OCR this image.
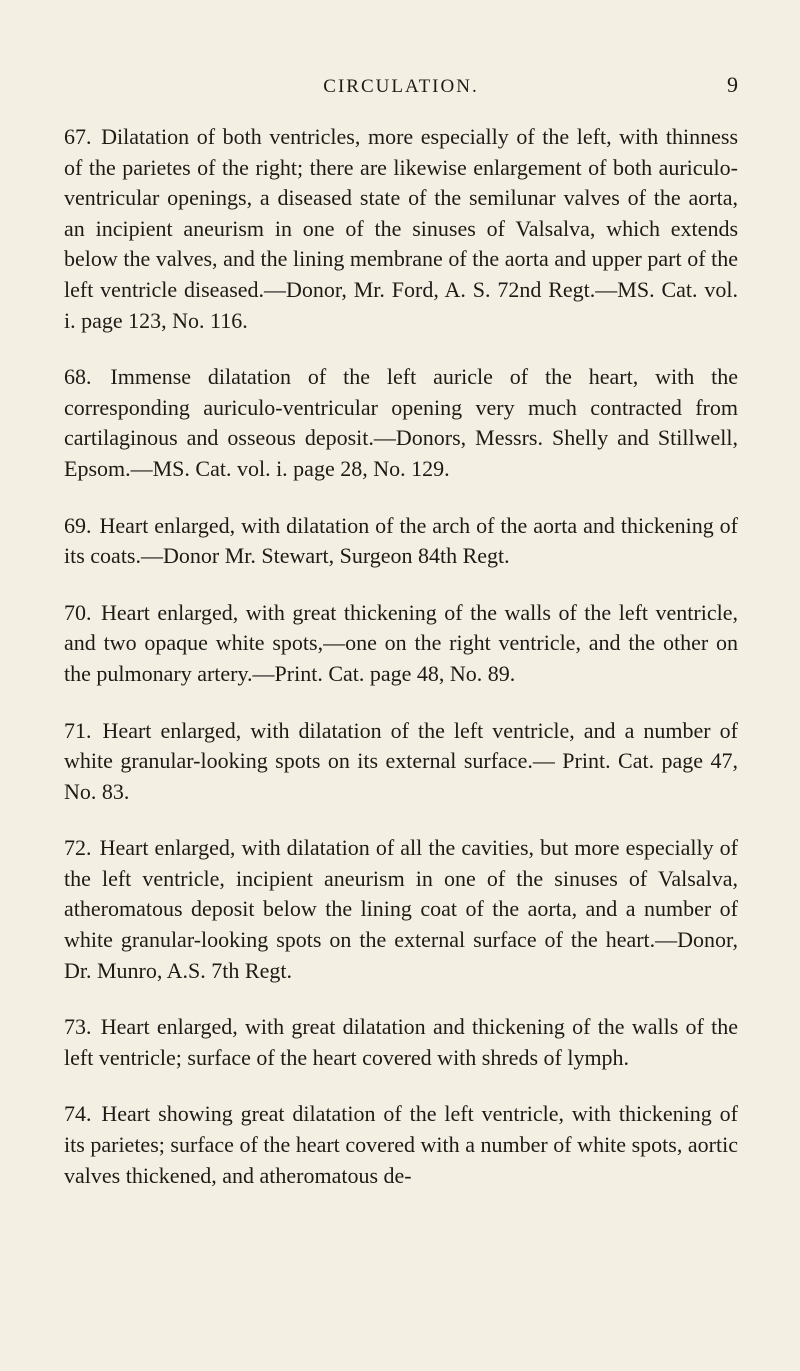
CIRCULATION.	9

67. Dilatation of both ventricles, more especially of the left, with thinness of the parietes of the right; there are likewise enlargement of both auriculo-ventricular openings, a diseased state of the semilunar valves of the aorta, an incipient aneurism in one of the sinuses of Valsalva, which extends below the valves, and the lining membrane of the aorta and upper part of the left ventricle diseased.—Donor, Mr. Ford, A. S. 72nd Regt.—MS. Cat. vol. i. page 123, No. 116.

68. Immense dilatation of the left auricle of the heart, with the corresponding auriculo-ventricular opening very much contracted from cartilaginous and osseous deposit.—Donors, Messrs. Shelly and Stillwell, Epsom.—MS. Cat. vol. i. page 28, No. 129.

69. Heart enlarged, with dilatation of the arch of the aorta and thickening of its coats.—Donor Mr. Stewart, Surgeon 84th Regt.

70. Heart enlarged, with great thickening of the walls of the left ventricle, and two opaque white spots,—one on the right ventricle, and the other on the pulmonary artery.—Print. Cat. page 48, No. 89.

71. Heart enlarged, with dilatation of the left ventricle, and a number of white granular-looking spots on its external surface.— Print. Cat. page 47, No. 83.

72. Heart enlarged, with dilatation of all the cavities, but more especially of the left ventricle, incipient aneurism in one of the sinuses of Valsalva, atheromatous deposit below the lining coat of the aorta, and a number of white granular-looking spots on the external surface of the heart.—Donor, Dr. Munro, A.S. 7th Regt.

73. Heart enlarged, with great dilatation and thickening of the walls of the left ventricle; surface of the heart covered with shreds of lymph.

74. Heart showing great dilatation of the left ventricle, with thickening of its parietes; surface of the heart covered with a number of white spots, aortic valves thickened, and atheromatous de-
